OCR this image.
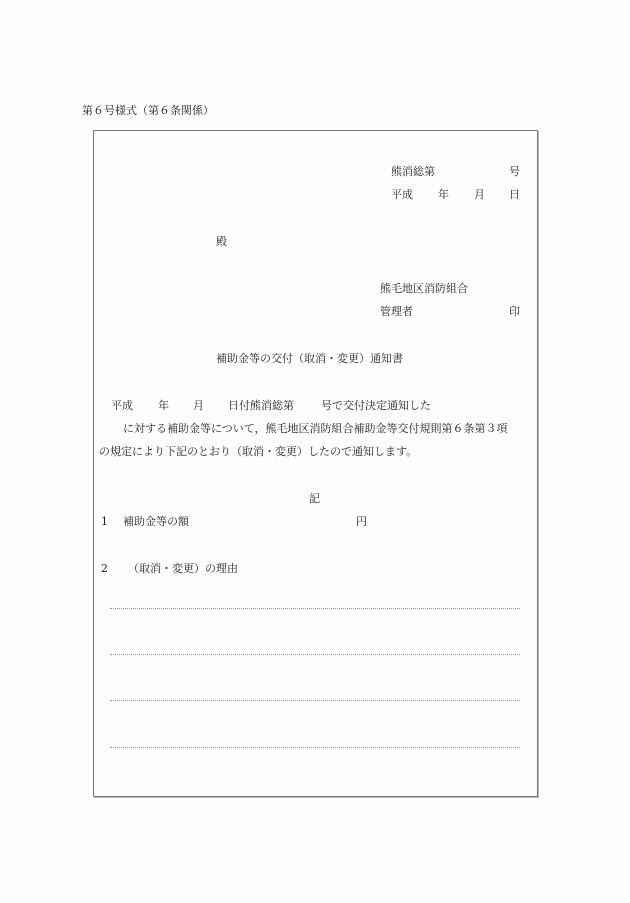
第６号様式（第６条関係）
熊消総第	号
平成 年 月 日
殿
熊毛地区消防組合
管理者	印
補助金等の交付（取消・変更）通知書
平成 年 月 日付熊消総第 号で交付決定通知した
に対する補助金等について，熊毛地区消防組合補助金等交付規則第６条第３項
の規定により下記のとおり（取消・変更）したので通知します。
記
1 補助金等の額	円
2 （取消・変更）の理由
